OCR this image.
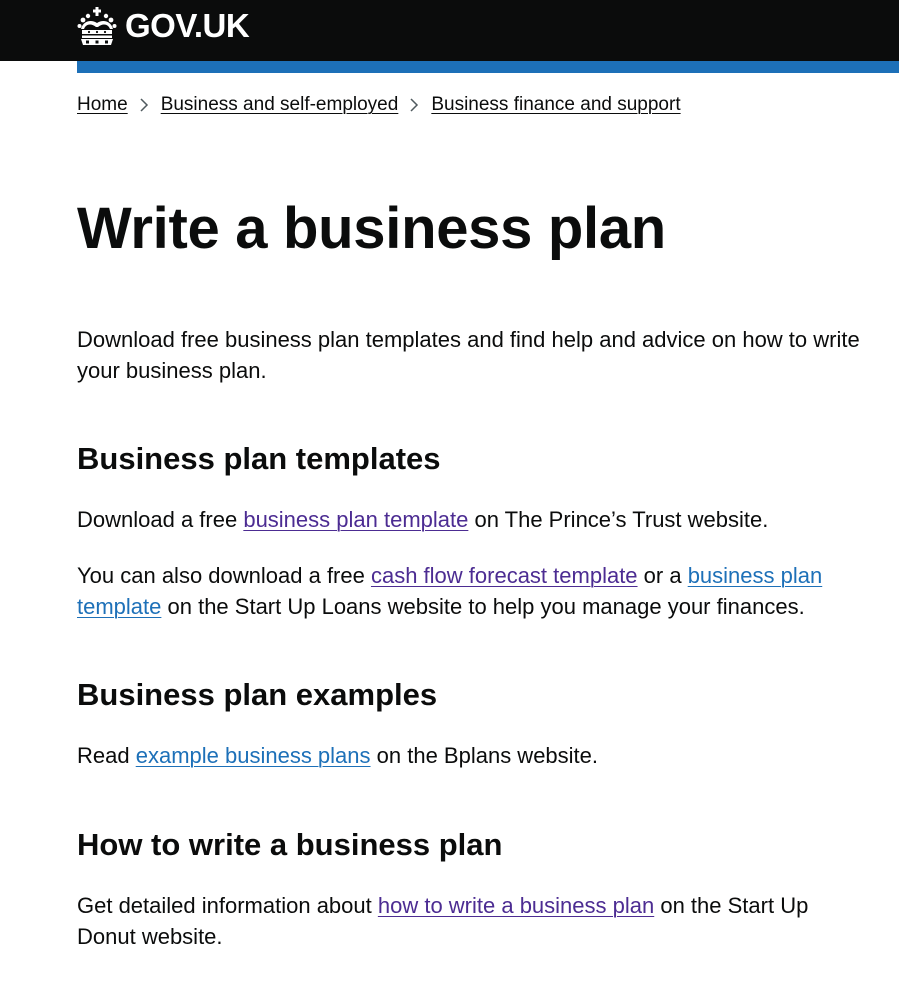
GOV.UK
Home Business and self-employed Business finance and support
Write a business plan

Download free business plan templates and find help and advice on how to write your business plan.

Business plan templates

Download a free business plan template on The Prince’s Trust website.

You can also download a free cash flow forecast template or a business plan template on the Start Up Loans website to help you manage your finances.

Business plan examples

Read example business plans on the Bplans website.

How to write a business plan

Get detailed information about how to write a business plan on the Start Up Donut website.
